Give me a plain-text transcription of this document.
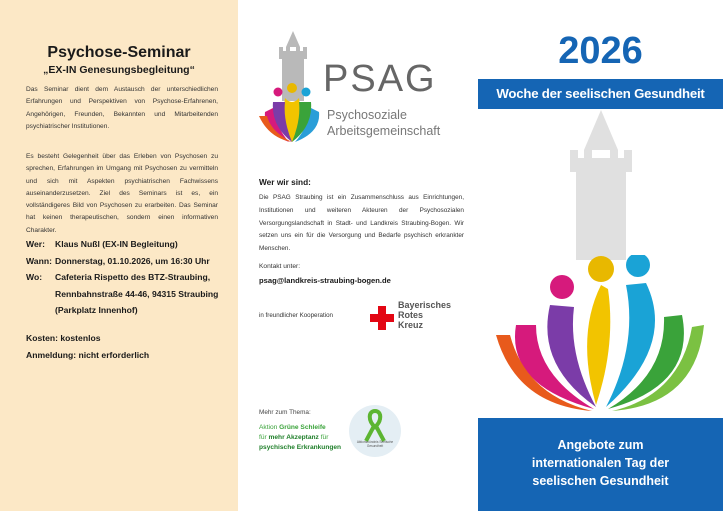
Psychose-Seminar
„EX-IN Genesungsbegleitung“
Das Seminar dient dem Austausch der unterschiedlichen Erfahrungen und Perspektiven von Psychose-Erfahrenen, Angehörigen, Freunden, Bekannten und Mitarbeitenden psychiatrischer Institutionen.
Es besteht Gelegenheit über das Erleben von Psychosen zu sprechen, Erfahrungen im Umgang mit Psychosen zu vermitteln und sich mit Aspekten psychiatrischen Fachwissens auseinanderzusetzen. Ziel des Seminars ist es, ein vollständigeres Bild von Psychosen zu erarbeiten. Das Seminar hat keinen therapeutischen, sondern einen informativen Charakter.
Wer:	Klaus Nußl (EX-IN Begleitung)
Wann: Donnerstag, 01.10.2026, um 16:30 Uhr
Wo:	Cafeteria Rispetto des BTZ-Straubing,
Rennbahnstraße 44-46, 94315 Straubing
(Parkplatz Innenhof)
Kosten: kostenlos
Anmeldung: nicht erforderlich
PSAG
Psychosoziale
Arbeitsgemeinschaft
Wer wir sind:
Die PSAG Straubing ist ein Zusammenschluss aus Einrichtungen, Institutionen und weiteren Akteuren der Psychosozialen Versorgungslandschaft in Stadt- und Landkreis Straubing-Bogen. Wir setzen uns ein für die Versorgung und Bedarfe psychisch erkrankter Menschen.
Kontakt unter:
psag@landkreis-straubing-bogen.de
in freundlicher Kooperation
Bayerisches
Rotes
Kreuz
Mehr zum Thema:
Aktion Grüne Schleife
für mehr Akzeptanz für
psychische Erkrankungen
Aktionsbündnis Seelische Gesundheit
2026
Woche der seelischen Gesundheit
Angebote zum
internationalen Tag der
seelischen Gesundheit
